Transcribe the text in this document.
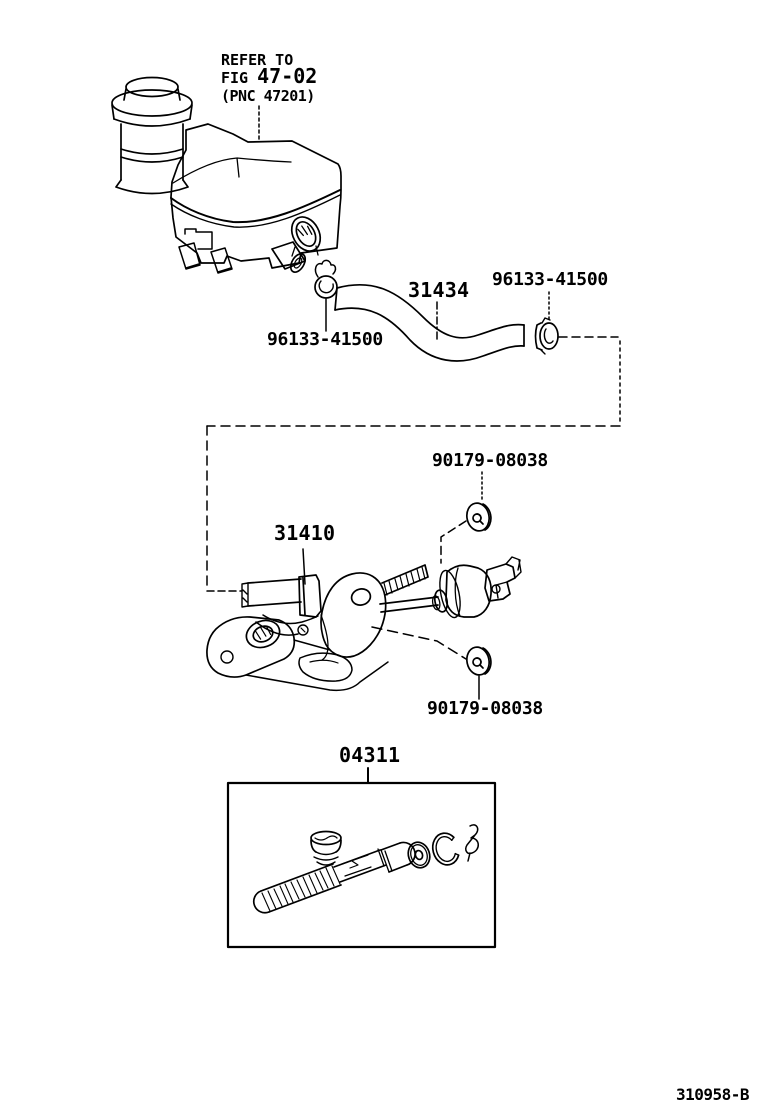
REFER TO
FIG 47-02
(PNC 47201)
31434 96133-41500
96133-41500
90179-08038
31410
90179-08038
04311
310958-B
